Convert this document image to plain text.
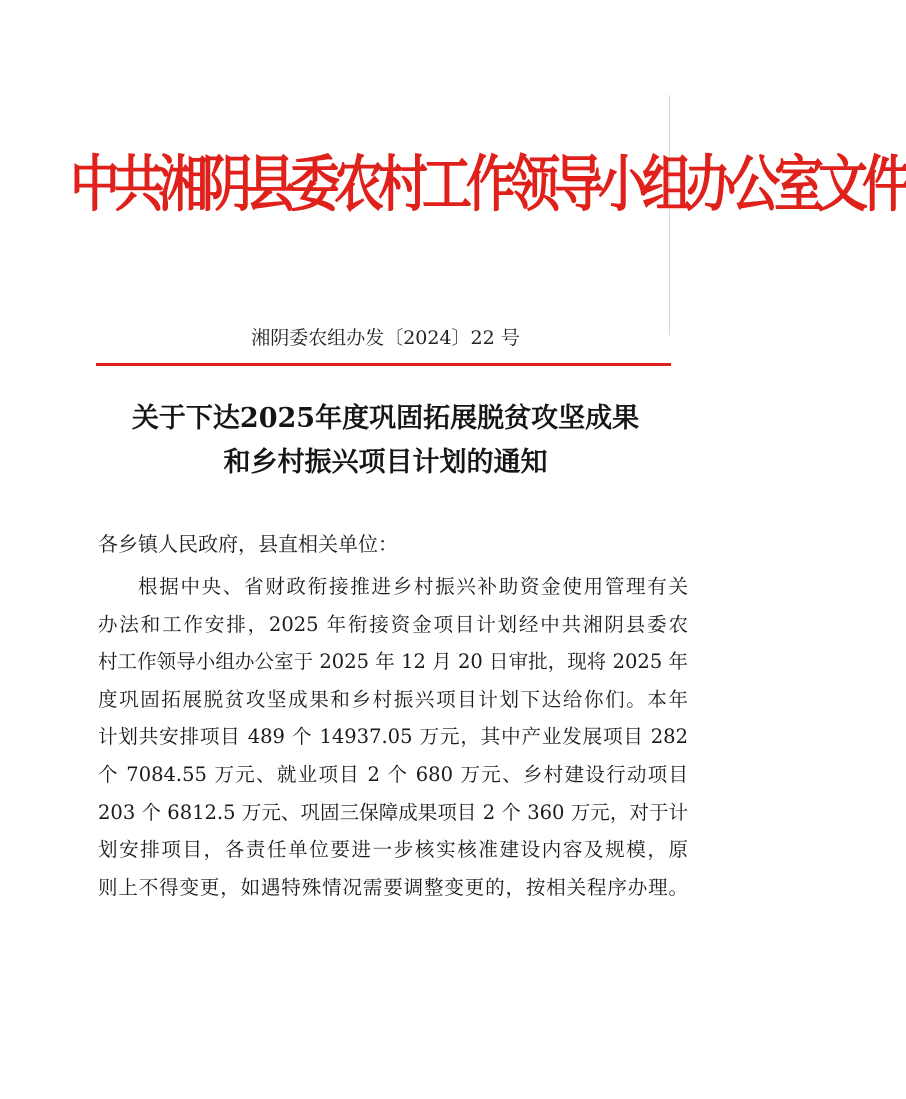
中共湘阴县委农村工作领导小组办公室文件
湘阴委农组办发〔2024〕22 号
关于下达2025年度巩固拓展脱贫攻坚成果
和乡村振兴项目计划的通知
各乡镇人民政府，县直相关单位：
根据中央、省财政衔接推进乡村振兴补助资金使用管理有关
办法和工作安排，2025 年衔接资金项目计划经中共湘阴县委农
村工作领导小组办公室于 2025 年 12 月 20 日审批，现将 2025 年
度巩固拓展脱贫攻坚成果和乡村振兴项目计划下达给你们。本年
计划共安排项目 489 个 14937.05 万元，其中产业发展项目 282
个 7084.55 万元、就业项目 2 个 680 万元、乡村建设行动项目
203 个 6812.5 万元、巩固三保障成果项目 2 个 360 万元，对于计
划安排项目，各责任单位要进一步核实核准建设内容及规模，原
则上不得变更，如遇特殊情况需要调整变更的，按相关程序办理。
